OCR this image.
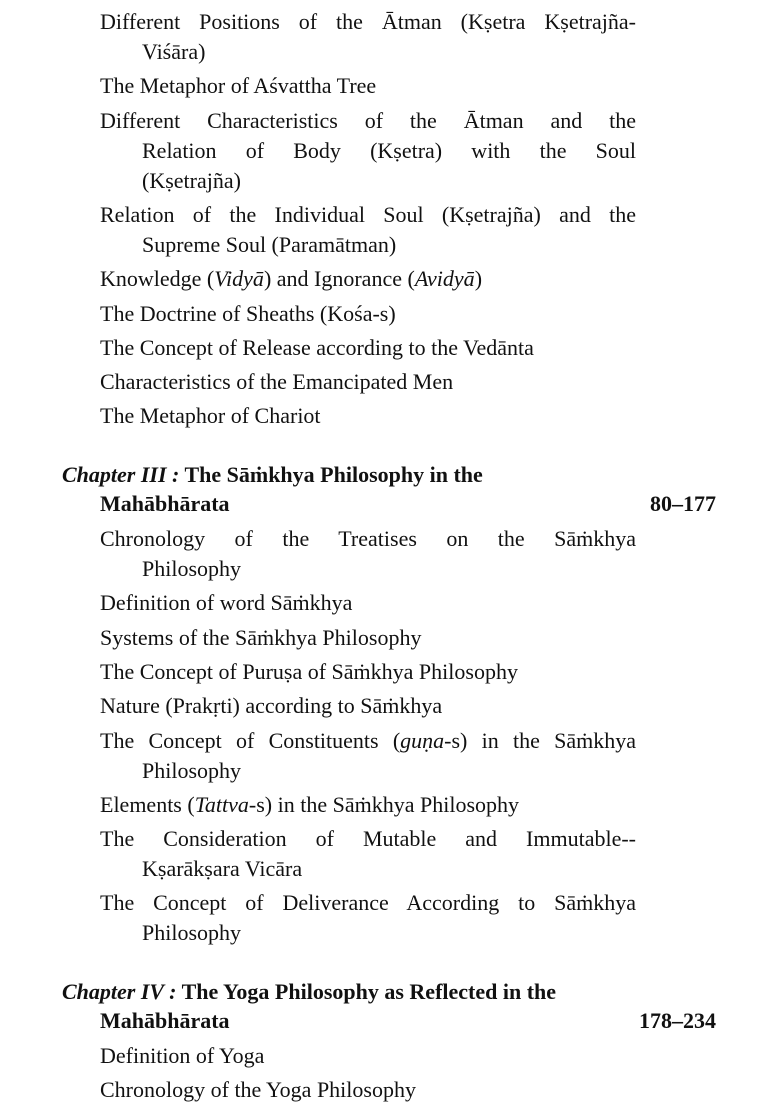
Different Positions of the Ātman (Kṣetra Kṣetrajña-
Viśāra)
The Metaphor of Aśvattha Tree
Different Characteristics of the Ātman and the
Relation of Body (Kṣetra) with the Soul
(Kṣetrajña)
Relation of the Individual Soul (Kṣetrajña) and the
Supreme Soul (Paramātman)
Knowledge (Vidyā) and Ignorance (Avidyā)
The Doctrine of Sheaths (Kośa-s)
The Concept of Release according to the Vedānta
Characteristics of the Emancipated Men
The Metaphor of Chariot
Chapter III : The Sāṁkhya Philosophy in the
Mahābhārata	80–177
Chronology of the Treatises on the Sāṁkhya
Philosophy
Definition of word Sāṁkhya
Systems of the Sāṁkhya Philosophy
The Concept of Puruṣa of Sāṁkhya Philosophy
Nature (Prakṛti) according to Sāṁkhya
The Concept of Constituents (guṇa-s) in the Sāṁkhya
Philosophy
Elements (Tattva-s) in the Sāṁkhya Philosophy
The Consideration of Mutable and Immutable--
Kṣarākṣara Vicāra
The Concept of Deliverance According to Sāṁkhya
Philosophy
Chapter IV : The Yoga Philosophy as Reflected in the
Mahābhārata	178–234
Definition of Yoga
Chronology of the Yoga Philosophy
